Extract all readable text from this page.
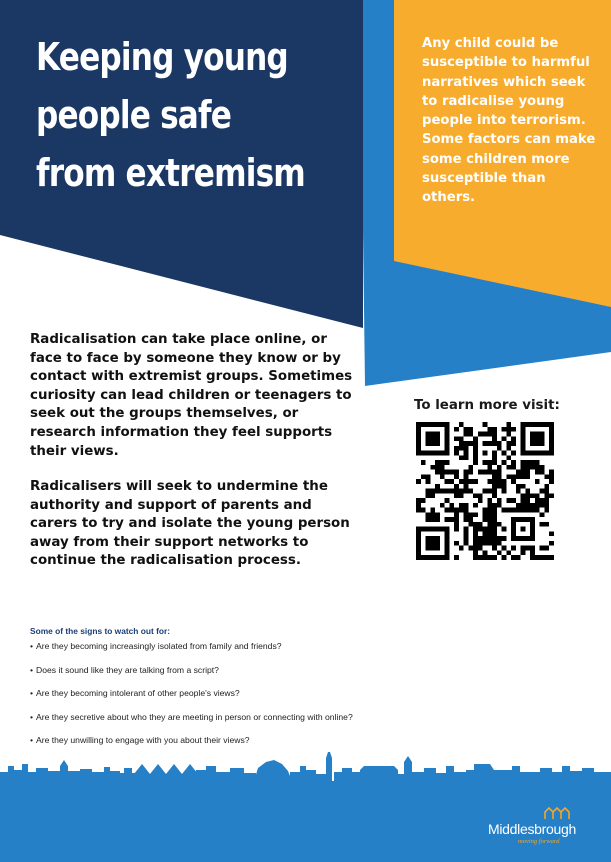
Keeping young
people safe
from extremism

Any child could be susceptible to harmful narratives which seek to radicalise young people into terrorism. Some factors can make some children more susceptible than others.

Radicalisation can take place online, or face to face by someone they know or by contact with extremist groups. Sometimes curiosity can lead children or teenagers to seek out the groups themselves, or research information they feel supports their views.

Radicalisers will seek to undermine the authority and support of parents and carers to try and isolate the young person away from their support networks to continue the radicalisation process.

To learn more visit:

Some of the signs to watch out for:

• Are they becoming increasingly isolated from family and friends?
• Does it sound like they are talking from a script?
• Are they becoming intolerant of other people's views?
• Are they secretive about who they are meeting in person or connecting with online?
• Are they unwilling to engage with you about their views?
Middlesbrough
moving forward
